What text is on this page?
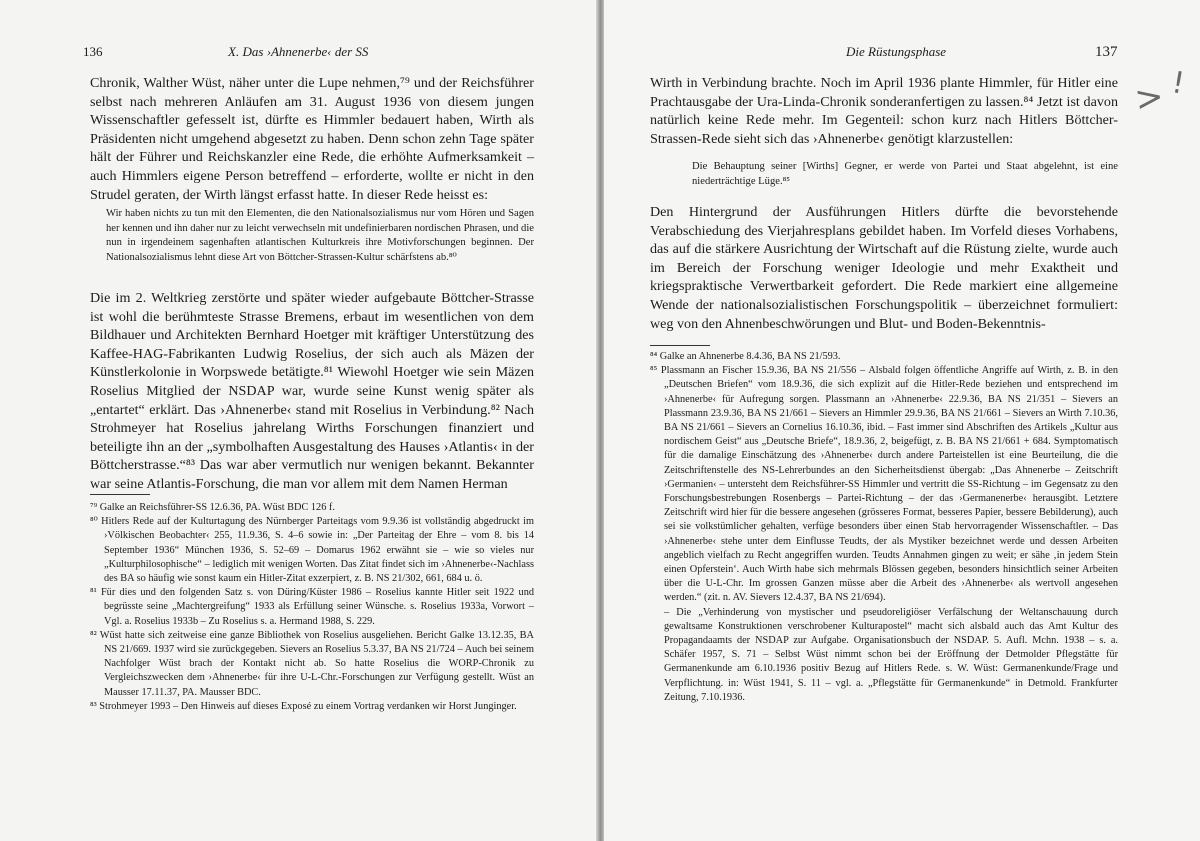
136	X. Das ›Ahnenerbe‹ der SS

Chronik, Walther Wüst, näher unter die Lupe nehmen,⁷⁹ und der Reichsführer selbst nach mehreren Anläufen am 31. August 1936 von diesem jungen Wissenschaftler gefesselt ist, dürfte es Himmler bedauert haben, Wirth als Präsidenten nicht umgehend abgesetzt zu haben. Denn schon zehn Tage später hält der Führer und Reichskanzler eine Rede, die erhöhte Aufmerksamkeit – auch Himmlers eigene Person betreffend – erforderte, wollte er nicht in den Strudel geraten, der Wirth längst erfasst hatte. In dieser Rede heisst es:

Wir haben nichts zu tun mit den Elementen, die den Nationalsozialismus nur vom Hören und Sagen her kennen und ihn daher nur zu leicht verwechseln mit undefinierbaren nordischen Phrasen, und die nun in irgendeinem sagenhaften atlantischen Kulturkreis ihre Motivforschungen beginnen. Der Nationalsozialismus lehnt diese Art von Böttcher-Strassen-Kultur schärfstens ab.⁸⁰

Die im 2. Weltkrieg zerstörte und später wieder aufgebaute Böttcher-Strasse ist wohl die berühmteste Strasse Bremens, erbaut im wesentlichen von dem Bildhauer und Architekten Bernhard Hoetger mit kräftiger Unterstützung des Kaffee-HAG-Fabrikanten Ludwig Roselius, der sich auch als Mäzen der Künstlerkolonie in Worpswede betätigte.⁸¹ Wiewohl Hoetger wie sein Mäzen Roselius Mitglied der NSDAP war, wurde seine Kunst wenig später als „entartet“ erklärt. Das ›Ahnenerbe‹ stand mit Roselius in Verbindung.⁸² Nach Strohmeyer hat Roselius jahrelang Wirths Forschungen finanziert und beteiligte ihn an der „symbolhaften Ausgestaltung des Hauses ›Atlantis‹ in der Böttcherstrasse.“⁸³ Das war aber vermutlich nur wenigen bekannt. Bekannter war seine Atlantis-Forschung, die man vor allem mit dem Namen Herman

⁷⁹ Galke an Reichsführer-SS 12.6.36, PA. Wüst BDC 126 f.

⁸⁰ Hitlers Rede auf der Kulturtagung des Nürnberger Parteitags vom 9.9.36 ist vollständig abgedruckt im ›Völkischen Beobachter‹ 255, 11.9.36, S. 4–6 sowie in: „Der Parteitag der Ehre – vom 8. bis 14 September 1936“ München 1936, S. 52–69 – Domarus 1962 erwähnt sie – wie so vieles nur „Kulturphilosophische“ – lediglich mit wenigen Worten. Das Zitat findet sich im ›Ahnenerbe‹-Nachlass des BA so häufig wie sonst kaum ein Hitler-Zitat exzerpiert, z. B. NS 21/302, 661, 684 u. ö.

⁸¹ Für dies und den folgenden Satz s. von Düring/Küster 1986 – Roselius kannte Hitler seit 1922 und begrüsste seine „Machtergreifung“ 1933 als Erfüllung seiner Wünsche. s. Roselius 1933a, Vorwort – Vgl. a. Roselius 1933b – Zu Roselius s. a. Hermand 1988, S. 229.

⁸² Wüst hatte sich zeitweise eine ganze Bibliothek von Roselius ausgeliehen. Bericht Galke 13.12.35, BA NS 21/669. 1937 wird sie zurückgegeben. Sievers an Roselius 5.3.37, BA NS 21/724 – Auch bei seinem Nachfolger Wüst brach der Kontakt nicht ab. So hatte Roselius die WORP-Chronik zu Vergleichszwecken dem ›Ahnenerbe‹ für ihre U-L-Chr.-Forschungen zur Verfügung gestellt. Wüst an Mausser 17.11.37, PA. Mausser BDC.

⁸³ Strohmeyer 1993 – Den Hinweis auf dieses Exposé zu einem Vortrag verdanken wir Horst Junginger.

Die Rüstungsphase	137

Wirth in Verbindung brachte. Noch im April 1936 plante Himmler, für Hitler eine Prachtausgabe der Ura-Linda-Chronik sonderanfertigen zu lassen.⁸⁴ Jetzt ist davon natürlich keine Rede mehr. Im Gegenteil: schon kurz nach Hitlers Böttcher-Strassen-Rede sieht sich das ›Ahnenerbe‹ genötigt klarzustellen:

Die Behauptung seiner [Wirths] Gegner, er werde von Partei und Staat abgelehnt, ist eine niederträchtige Lüge.⁸⁵

Den Hintergrund der Ausführungen Hitlers dürfte die bevorstehende Verabschiedung des Vierjahresplans gebildet haben. Im Vorfeld dieses Vorhabens, das auf die stärkere Ausrichtung der Wirtschaft auf die Rüstung zielte, wurde auch im Bereich der Forschung weniger Ideologie und mehr Exaktheit und kriegspraktische Verwertbarkeit gefordert. Die Rede markiert eine allgemeine Wende der nationalsozialistischen Forschungspolitik – überzeichnet formuliert: weg von den Ahnenbeschwörungen und Blut- und Boden-Bekenntnis-

⁸⁴ Galke an Ahnenerbe 8.4.36, BA NS 21/593.

⁸⁵ Plassmann an Fischer 15.9.36, BA NS 21/556 – Alsbald folgen öffentliche Angriffe auf Wirth, z. B. in den „Deutschen Briefen“ vom 18.9.36, die sich explizit auf die Hitler-Rede beziehen und entsprechend im ›Ahnenerbe‹ für Aufregung sorgen. Plassmann an ›Ahnenerbe‹ 22.9.36, BA NS 21/351 – Sievers an Plassmann 23.9.36, BA NS 21/661 – Sievers an Himmler 29.9.36, BA NS 21/661 – Sievers an Wirth 7.10.36, BA NS 21/661 – Sievers an Cornelius 16.10.36, ibid. – Fast immer sind Abschriften des Artikels „Kultur aus nordischem Geist“ aus „Deutsche Briefe“, 18.9.36, 2, beigefügt, z. B. BA NS 21/661 + 684. Symptomatisch für die damalige Einschätzung des ›Ahnenerbe‹ durch andere Parteistellen ist eine Beurteilung, die die Zeitschriftenstelle des NS-Lehrerbundes an den Sicherheitsdienst übergab: „Das Ahnenerbe – Zeitschrift ›Germanien‹ – untersteht dem Reichsführer-SS Himmler und vertritt die SS-Richtung – im Gegensatz zu den Forschungsbestrebungen Rosenbergs – Partei-Richtung – der das ›Germanenerbe‹ herausgibt. Letztere Zeitschrift wird hier für die bessere angesehen (grösseres Format, besseres Papier, bessere Bebilderung), auch sei sie volkstümlicher gehalten, verfüge besonders über einen Stab hervorragender Wissenschaftler. – Das ›Ahnenerbe‹ stehe unter dem Einflusse Teudts, der als Mystiker bezeichnet werde und dessen Arbeiten angeblich vielfach zu Recht angegriffen wurden. Teudts Annahmen gingen zu weit; er sähe ‚in jedem Stein einen Opferstein‘. Auch Wirth habe sich mehrmals Blössen gegeben, besonders hinsichtlich seiner Arbeiten über die U-L-Chr. Im grossen Ganzen müsse aber die Arbeit des ›Ahnenerbe‹ als wertvoll angesehen werden.“ (zit. n. AV. Sievers 12.4.37, BA NS 21/694).

– Die „Verhinderung von mystischer und pseudoreligiöser Verfälschung der Weltanschauung durch gewaltsame Konstruktionen verschrobener Kulturapostel“ macht sich alsbald auch das Amt Kultur des Propagandaamts der NSDAP zur Aufgabe. Organisationsbuch der NSDAP. 5. Aufl. Mchn. 1938 – s. a. Schäfer 1957, S. 71 – Selbst Wüst nimmt schon bei der Eröffnung der Detmolder Pflegstätte für Germanenkunde am 6.10.1936 positiv Bezug auf Hitlers Rede. s. W. Wüst: Germanenkunde/Frage und Verpflichtung. in: Wüst 1941, S. 11 – vgl. a. „Pflegstätte für Germanenkunde“ in Detmold. Frankfurter Zeitung, 7.10.1936.

> !
